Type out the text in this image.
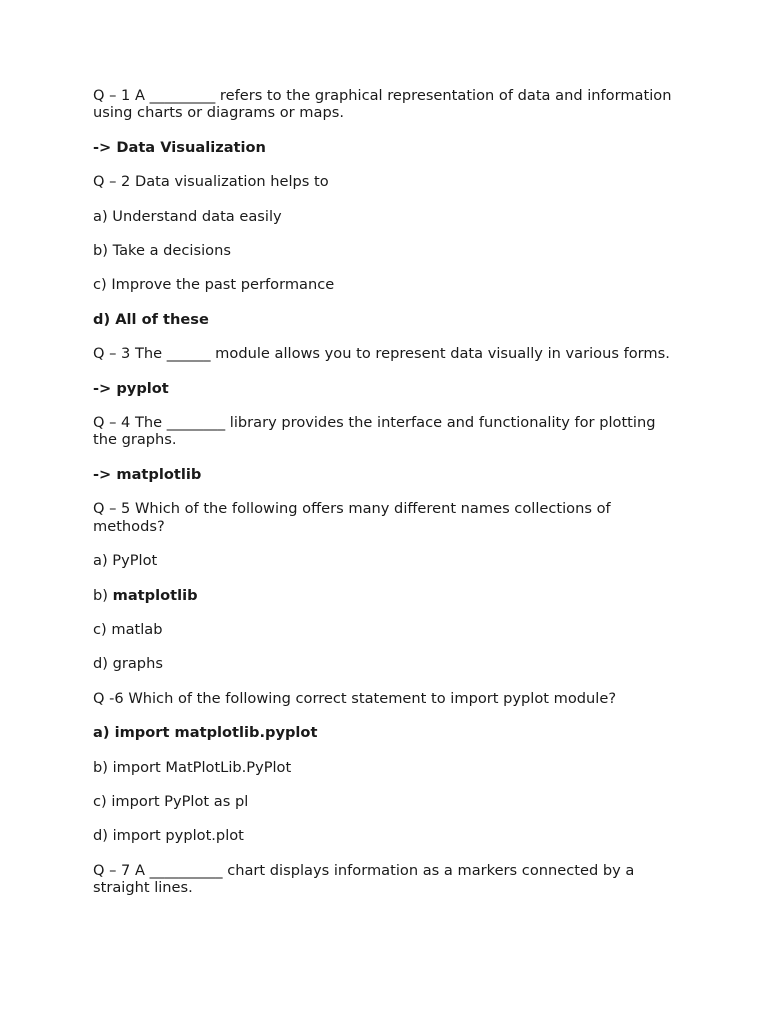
Q – 1 A _________ refers to the graphical representation of data and information using charts or diagrams or maps.

-> Data Visualization

Q – 2 Data visualization helps to

a) Understand data easily

b) Take a decisions

c) Improve the past performance

d) All of these

Q – 3 The ______ module allows you to represent data visually in various forms.

-> pyplot

Q – 4 The ________ library provides the interface and functionality for plotting the graphs.

-> matplotlib

Q – 5 Which of the following offers many different names collections of methods?

a) PyPlot

b) matplotlib

c) matlab

d) graphs

Q -6 Which of the following correct statement to import pyplot module?

a) import matplotlib.pyplot

b) import MatPlotLib.PyPlot

c) import PyPlot as pl

d) import pyplot.plot

Q – 7 A __________ chart displays information as a markers connected by a straight lines.
